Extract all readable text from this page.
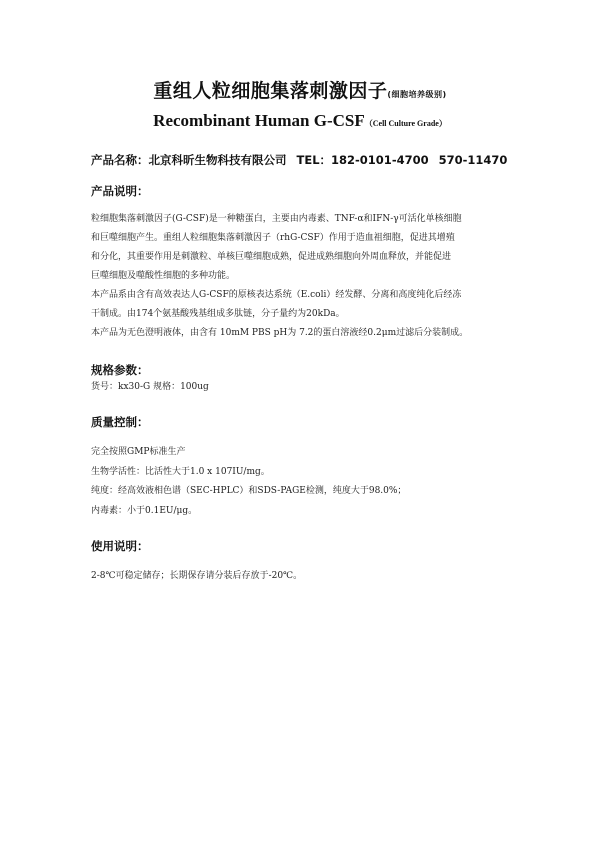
重组人粒细胞集落刺激因子(细胞培养级别)
Recombinant Human G-CSF（Cell Culture Grade）
产品名称：北京科昕生物科技有限公司 TEL：182-0101-4700 570-11470
产品说明：
粒细胞集落刺激因子(G-CSF)是一种糖蛋白，主要由内毒素、TNF-α和IFN-γ可活化单核细胞
和巨噬细胞产生。重组人粒细胞集落刺激因子（rhG-CSF）作用于造血祖细胞，促进其增殖
和分化，其重要作用是刺激粒、单核巨噬细胞成熟，促进成熟细胞向外周血释放，并能促进
巨噬细胞及噬酸性细胞的多种功能。
本产品系由含有高效表达人G-CSF的原核表达系统（E.coli）经发酵、分离和高度纯化后经冻
干制成。由174个氨基酸残基组成多肽链，分子量约为20kDa。
本产品为无色澄明液体，由含有 10mM PBS pH为 7.2的蛋白溶液经0.2μm过滤后分装制成。
规格参数：
货号：kx30-G 规格：100ug
质量控制：
完全按照GMP标准生产
生物学活性：比活性大于1.0 x 107IU/mg。
纯度：经高效液相色谱（SEC-HPLC）和SDS-PAGE检测，纯度大于98.0%；
内毒素：小于0.1EU/μg。
使用说明：
2-8℃可稳定储存；长期保存请分装后存放于-20℃。
